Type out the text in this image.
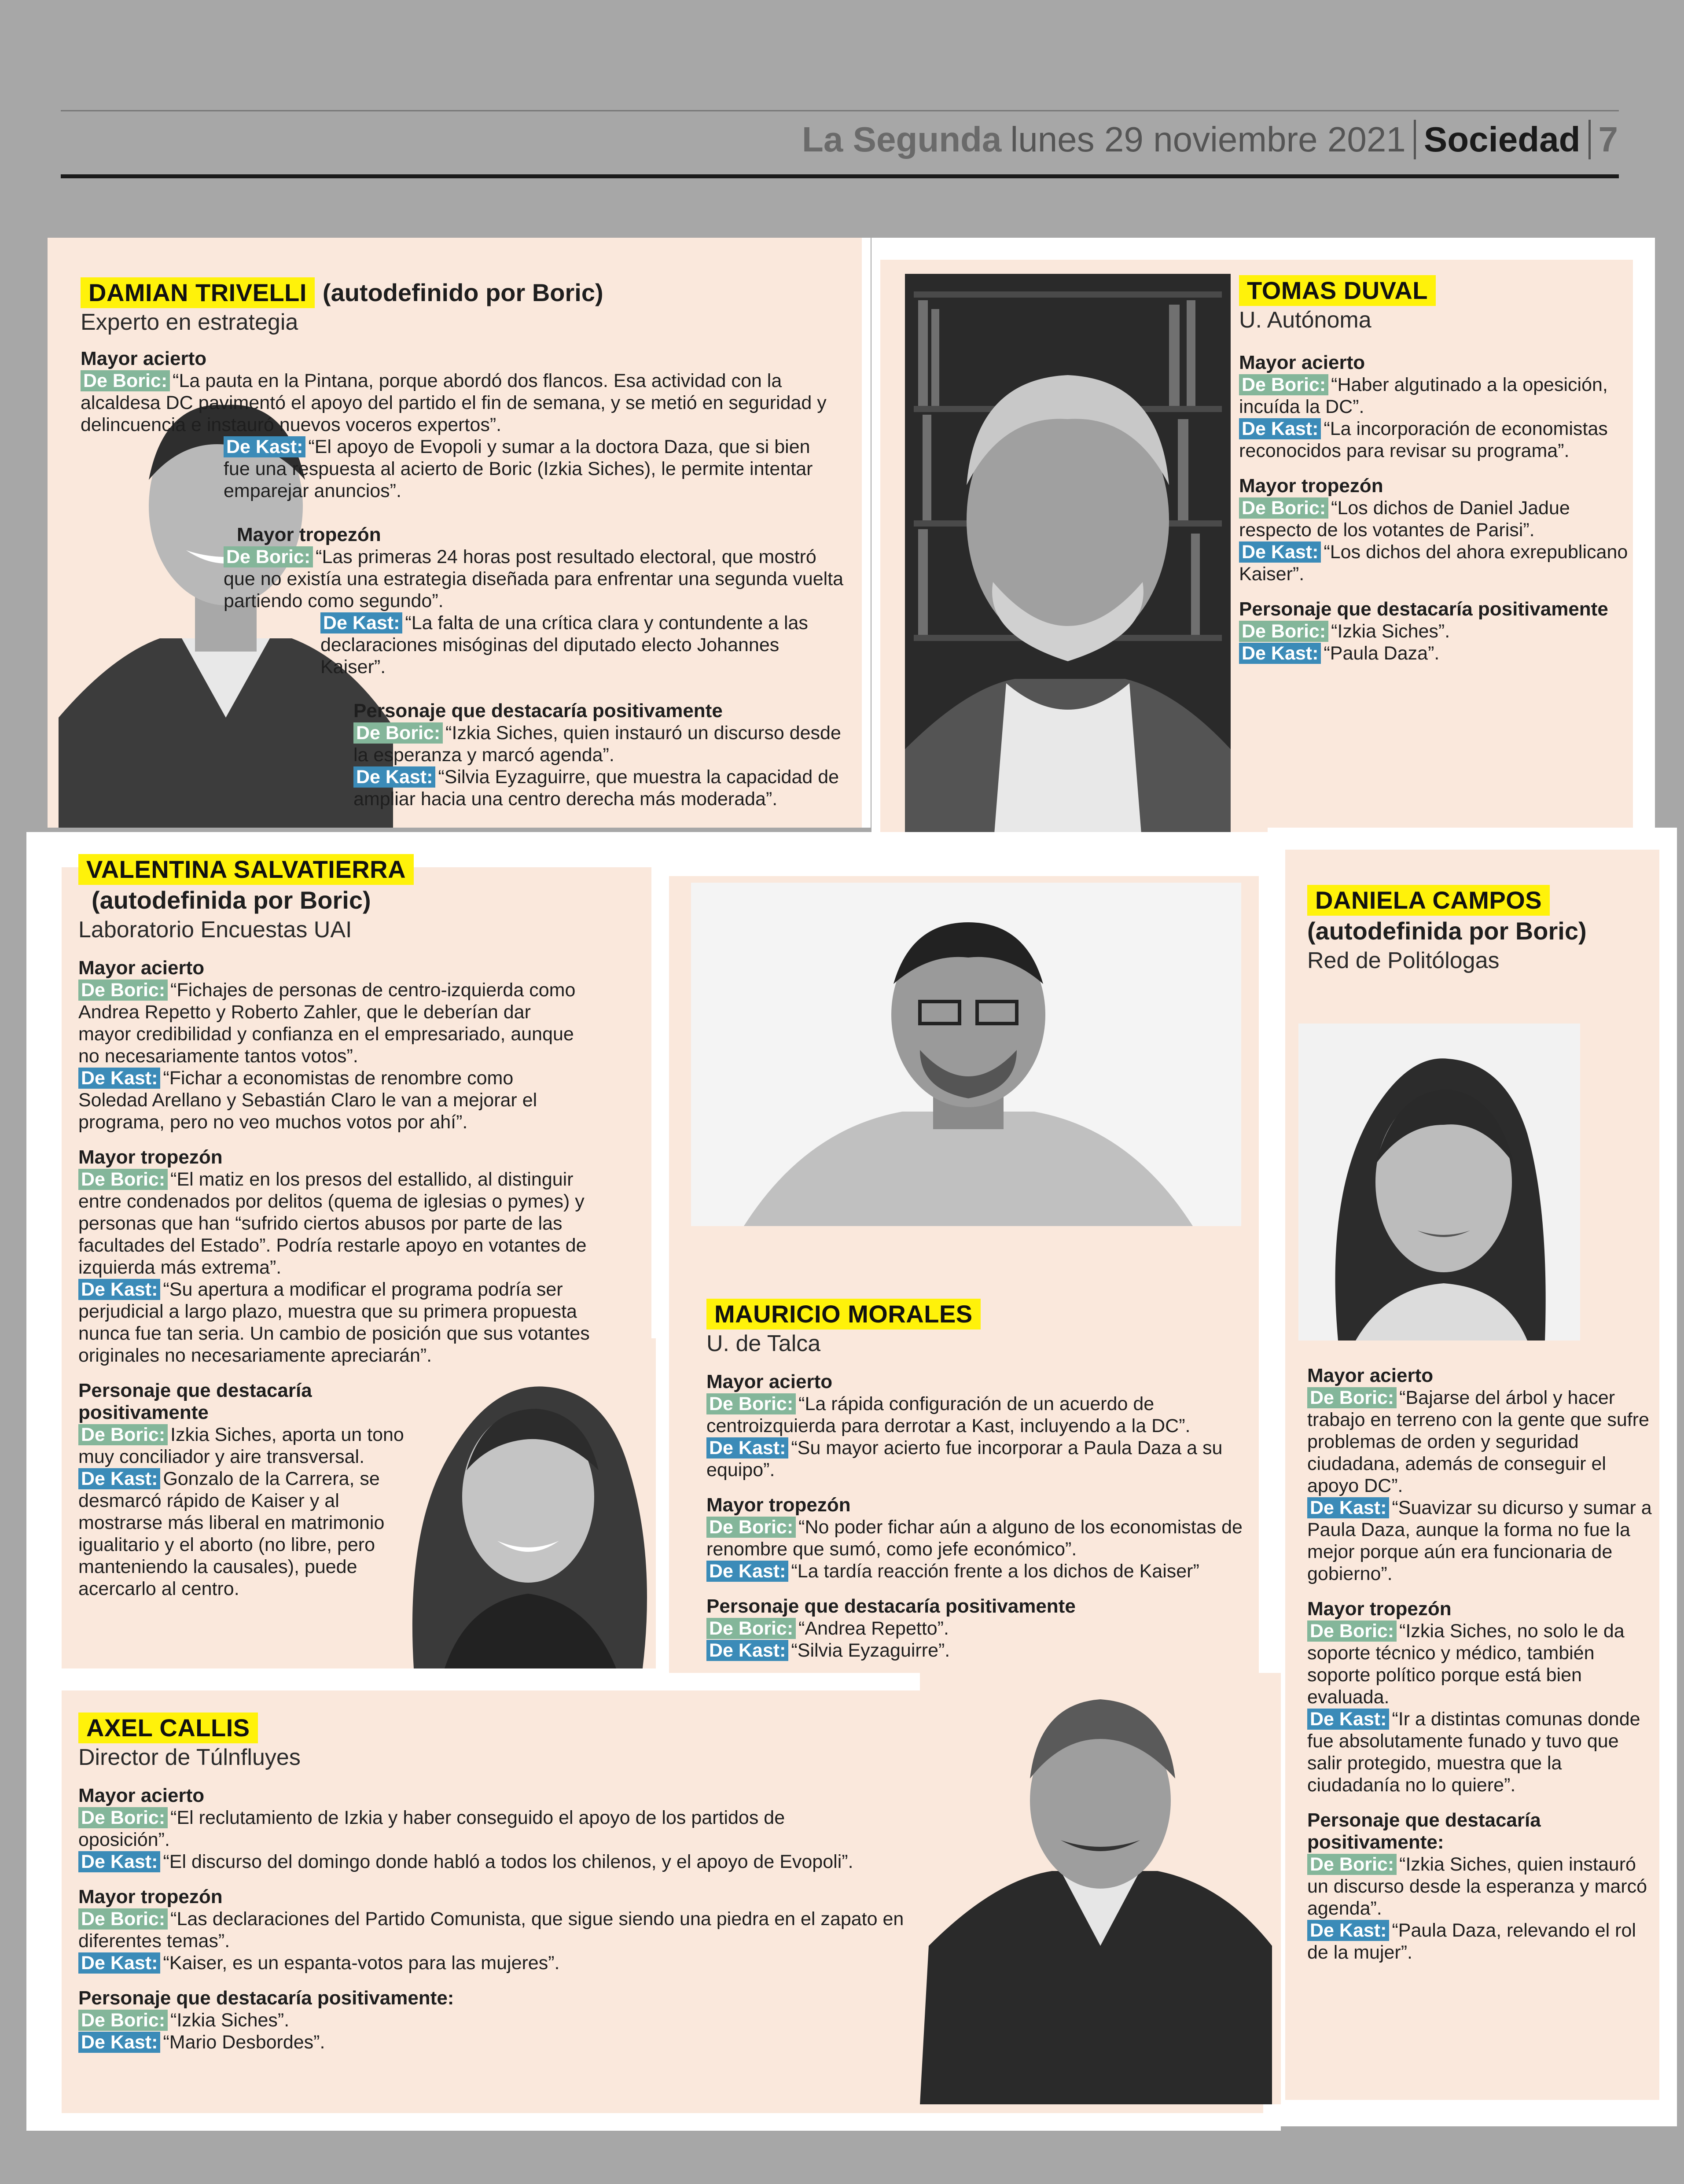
La Segunda lunes 29 noviembre 2021 Sociedad 7
DAMIAN TRIVELLI (autodefinido por Boric)
Experto en estrategia
Mayor acierto
De Boric: “La pauta en la Pintana, porque abordó dos flancos. Esa actividad con la alcaldesa DC pavimentó el apoyo del partido el fin de semana, y se metió en seguridad y delincuencia e instauró nuevos voceros expertos”.
De Kast: “El apoyo de Evopoli y sumar a la doctora Daza, que si bien fue una respuesta al acierto de Boric (Izkia Siches), le permite intentar emparejar anuncios”.
Mayor tropezón
De Boric: “Las primeras 24 horas post resultado electoral, que mostró que no existía una estrategia diseñada para enfrentar una segunda vuelta partiendo como segundo”.
De Kast: “La falta de una crítica clara y contundente a las declaraciones misóginas del diputado electo Johannes Kaiser”.
Personaje que destacaría positivamente
De Boric: “Izkia Siches, quien instauró un discurso desde la esperanza y marcó agenda”.
De Kast: “Silvia Eyzaguirre, que muestra la capacidad de ampliar hacia una centro derecha más moderada”.
TOMAS DUVAL
U. Autónoma
Mayor acierto
De Boric: “Haber algutinado a la opesición, incuída la DC”.
De Kast: “La incorporación de economistas reconocidos para revisar su programa”.
Mayor tropezón
De Boric: “Los dichos de Daniel Jadue respecto de los votantes de Parisi”.
De Kast: “Los dichos del ahora exrepublicano Kaiser”.
Personaje que destacaría positivamente
De Boric: “Izkia Siches”.
De Kast: “Paula Daza”.
VALENTINA SALVATIERRA
(autodefinida por Boric)
Laboratorio Encuestas UAI
Mayor acierto
De Boric: “Fichajes de personas de centro-izquierda como Andrea Repetto y Roberto Zahler, que le deberían dar mayor credibilidad y confianza en el empresariado, aunque no necesariamente tantos votos”.
De Kast: “Fichar a economistas de renombre como Soledad Arellano y Sebastián Claro le van a mejorar el programa, pero no veo muchos votos por ahí”.
Mayor tropezón
De Boric: “El matiz en los presos del estallido, al distinguir entre condenados por delitos (quema de iglesias o pymes) y personas que han “sufrido ciertos abusos por parte de las facultades del Estado”. Podría restarle apoyo en votantes de izquierda más extrema”.
De Kast: “Su apertura a modificar el programa podría ser perjudicial a largo plazo, muestra que su primera propuesta nunca fue tan seria. Un cambio de posición que sus votantes originales no necesariamente apreciarán”.
Personaje que destacaría positivamente
De Boric: Izkia Siches, aporta un tono muy conciliador y aire transversal.
De Kast: Gonzalo de la Carrera, se desmarcó rápido de Kaiser y al mostrarse más liberal en matrimonio igualitario y el aborto (no libre, pero manteniendo la causales), puede acercarlo al centro.
MAURICIO MORALES
U. de Talca
Mayor acierto
De Boric: “La rápida configuración de un acuerdo de centroizquierda para derrotar a Kast, incluyendo a la DC”.
De Kast: “Su mayor acierto fue incorporar a Paula Daza a su equipo”.
Mayor tropezón
De Boric: “No poder fichar aún a alguno de los economistas de renombre que sumó, como jefe económico”.
De Kast: “La tardía reacción frente a los dichos de Kaiser”
Personaje que destacaría positivamente
De Boric: “Andrea Repetto”.
De Kast: “Silvia Eyzaguirre”.
DANIELA CAMPOS
(autodefinida por Boric)
Red de Politólogas
Mayor acierto
De Boric: “Bajarse del árbol y hacer trabajo en terreno con la gente que sufre problemas de orden y seguridad ciudadana, además de conseguir el apoyo DC”.
De Kast: “Suavizar su dicurso y sumar a Paula Daza, aunque la forma no fue la mejor porque aún era funcionaria de gobierno”.
Mayor tropezón
De Boric: “Izkia Siches, no solo le da soporte técnico y médico, también soporte político porque está bien evaluada.
De Kast: “Ir a distintas comunas donde fue absolutamente funado y tuvo que salir protegido, muestra que la ciudadanía no lo quiere”.
Personaje que destacaría positivamente:
De Boric: “Izkia Siches, quien instauró un discurso desde la esperanza y marcó agenda”.
De Kast: “Paula Daza, relevando el rol de la mujer”.
AXEL CALLIS
Director de Túlnfluyes
Mayor acierto
De Boric: “El reclutamiento de Izkia y haber conseguido el apoyo de los partidos de oposición”.
De Kast: “El discurso del domingo donde habló a todos los chilenos, y el apoyo de Evopoli”.
Mayor tropezón
De Boric: “Las declaraciones del Partido Comunista, que sigue siendo una piedra en el zapato en diferentes temas”.
De Kast: “Kaiser, es un espanta-votos para las mujeres”.
Personaje que destacaría positivamente:
De Boric: “Izkia Siches”.
De Kast: “Mario Desbordes”.
